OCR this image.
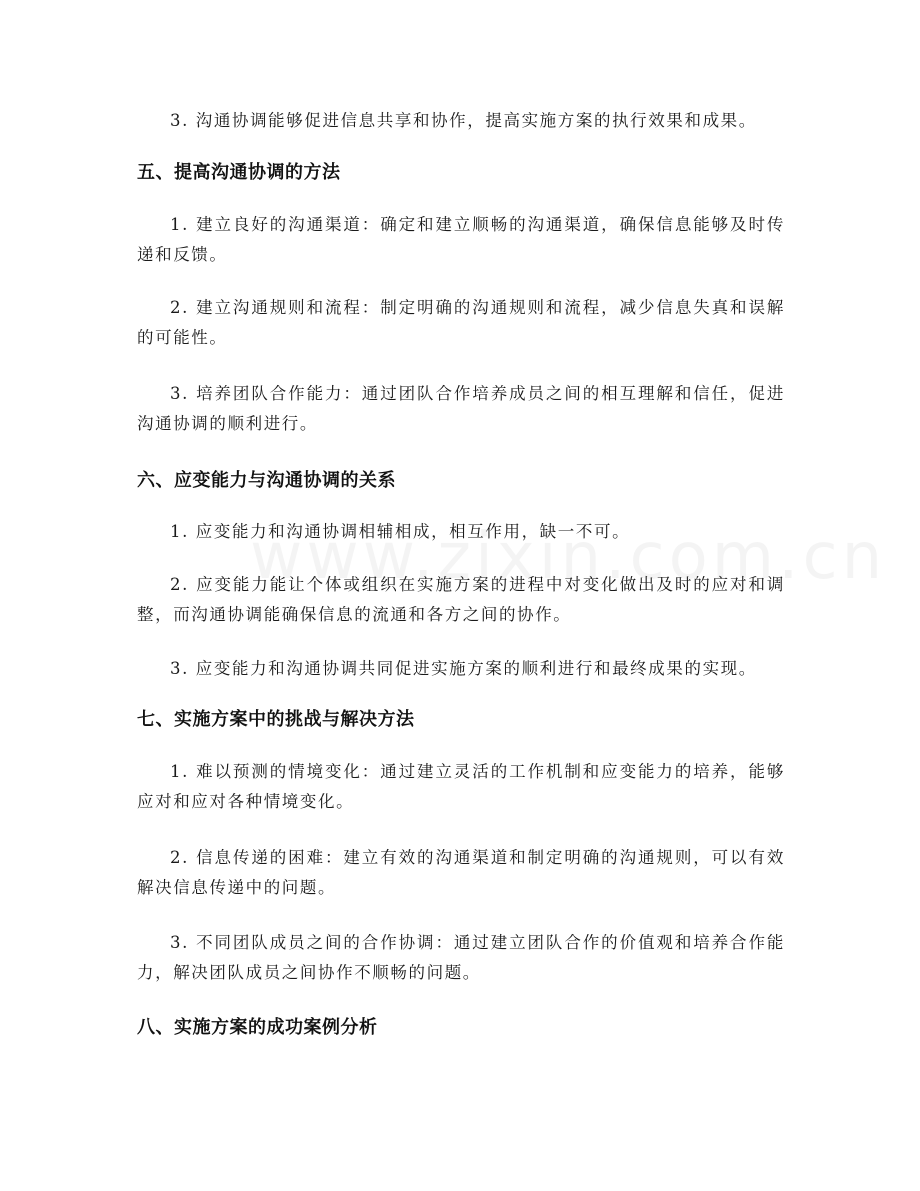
3. 沟通协调能够促进信息共享和协作，提高实施方案的执行效果和成果。

五、提高沟通协调的方法

1. 建立良好的沟通渠道：确定和建立顺畅的沟通渠道，确保信息能够及时传递和反馈。

2. 建立沟通规则和流程：制定明确的沟通规则和流程，减少信息失真和误解的可能性。

3. 培养团队合作能力：通过团队合作培养成员之间的相互理解和信任，促进沟通协调的顺利进行。

六、应变能力与沟通协调的关系

1. 应变能力和沟通协调相辅相成，相互作用，缺一不可。

2. 应变能力能让个体或组织在实施方案的进程中对变化做出及时的应对和调整，而沟通协调能确保信息的流通和各方之间的协作。

3. 应变能力和沟通协调共同促进实施方案的顺利进行和最终成果的实现。

七、实施方案中的挑战与解决方法

1. 难以预测的情境变化：通过建立灵活的工作机制和应变能力的培养，能够应对和应对各种情境变化。

2. 信息传递的困难：建立有效的沟通渠道和制定明确的沟通规则，可以有效解决信息传递中的问题。

3. 不同团队成员之间的合作协调：通过建立团队合作的价值观和培养合作能力，解决团队成员之间协作不顺畅的问题。

八、实施方案的成功案例分析
